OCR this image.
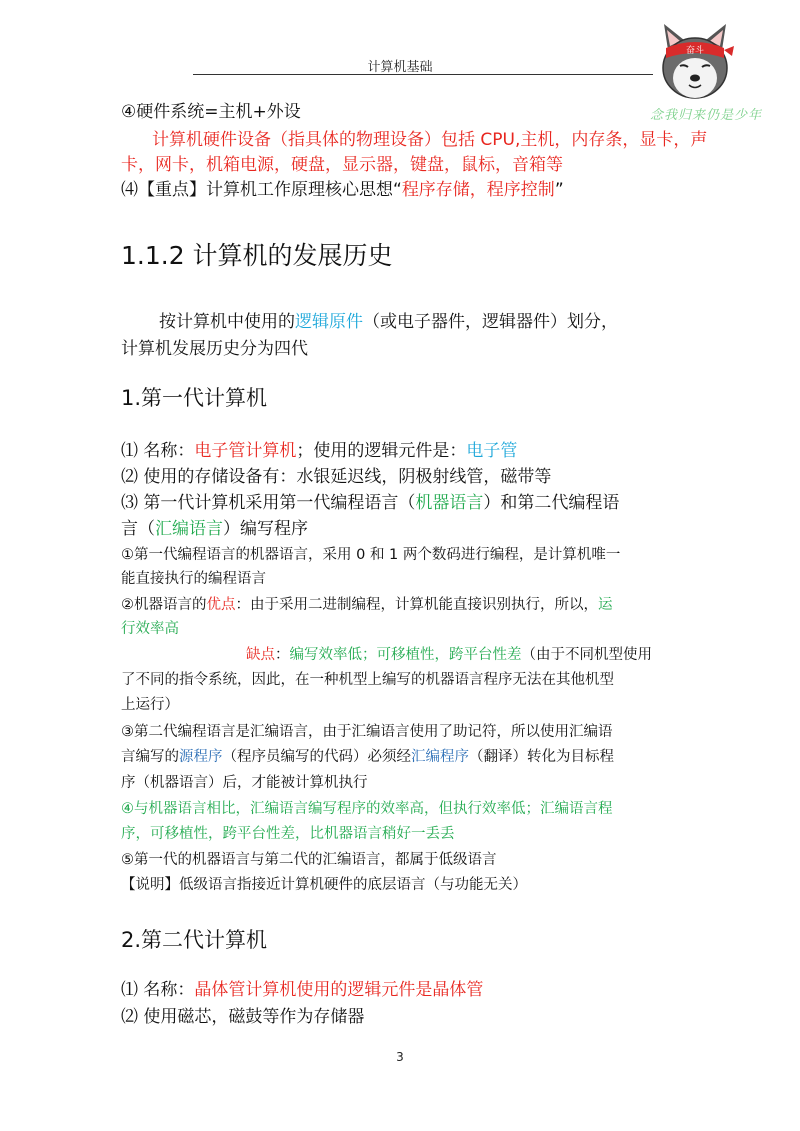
计算机基础
奋斗
念我归来仍是少年
④硬件系统=主机+外设
计算机硬件设备（指具体的物理设备）包括 CPU,主机，内存条，显卡，声
卡，网卡，机箱电源，硬盘，显示器，键盘，鼠标，音箱等
⑷【重点】计算机工作原理核心思想“程序存储，程序控制”
1.1.2 计算机的发展历史
按计算机中使用的逻辑原件（或电子器件，逻辑器件）划分，
计算机发展历史分为四代
1.第一代计算机
⑴ 名称：电子管计算机；使用的逻辑元件是：电子管
⑵ 使用的存储设备有：水银延迟线，阴极射线管，磁带等
⑶ 第一代计算机采用第一代编程语言（机器语言）和第二代编程语
言（汇编语言）编写程序
①第一代编程语言的机器语言，采用 0 和 1 两个数码进行编程，是计算机唯一
能直接执行的编程语言
②机器语言的优点：由于采用二进制编程，计算机能直接识别执行，所以，运
行效率高
缺点：编写效率低；可移植性，跨平台性差（由于不同机型使用
了不同的指令系统，因此，在一种机型上编写的机器语言程序无法在其他机型
上运行）
③第二代编程语言是汇编语言，由于汇编语言使用了助记符，所以使用汇编语
言编写的源程序（程序员编写的代码）必须经汇编程序（翻译）转化为目标程
序（机器语言）后，才能被计算机执行
④与机器语言相比，汇编语言编写程序的效率高，但执行效率低；汇编语言程
序，可移植性，跨平台性差，比机器语言稍好一丢丢
⑤第一代的机器语言与第二代的汇编语言，都属于低级语言
【说明】低级语言指接近计算机硬件的底层语言（与功能无关）
2.第二代计算机
⑴ 名称：晶体管计算机使用的逻辑元件是晶体管
⑵ 使用磁芯，磁鼓等作为存储器
3
